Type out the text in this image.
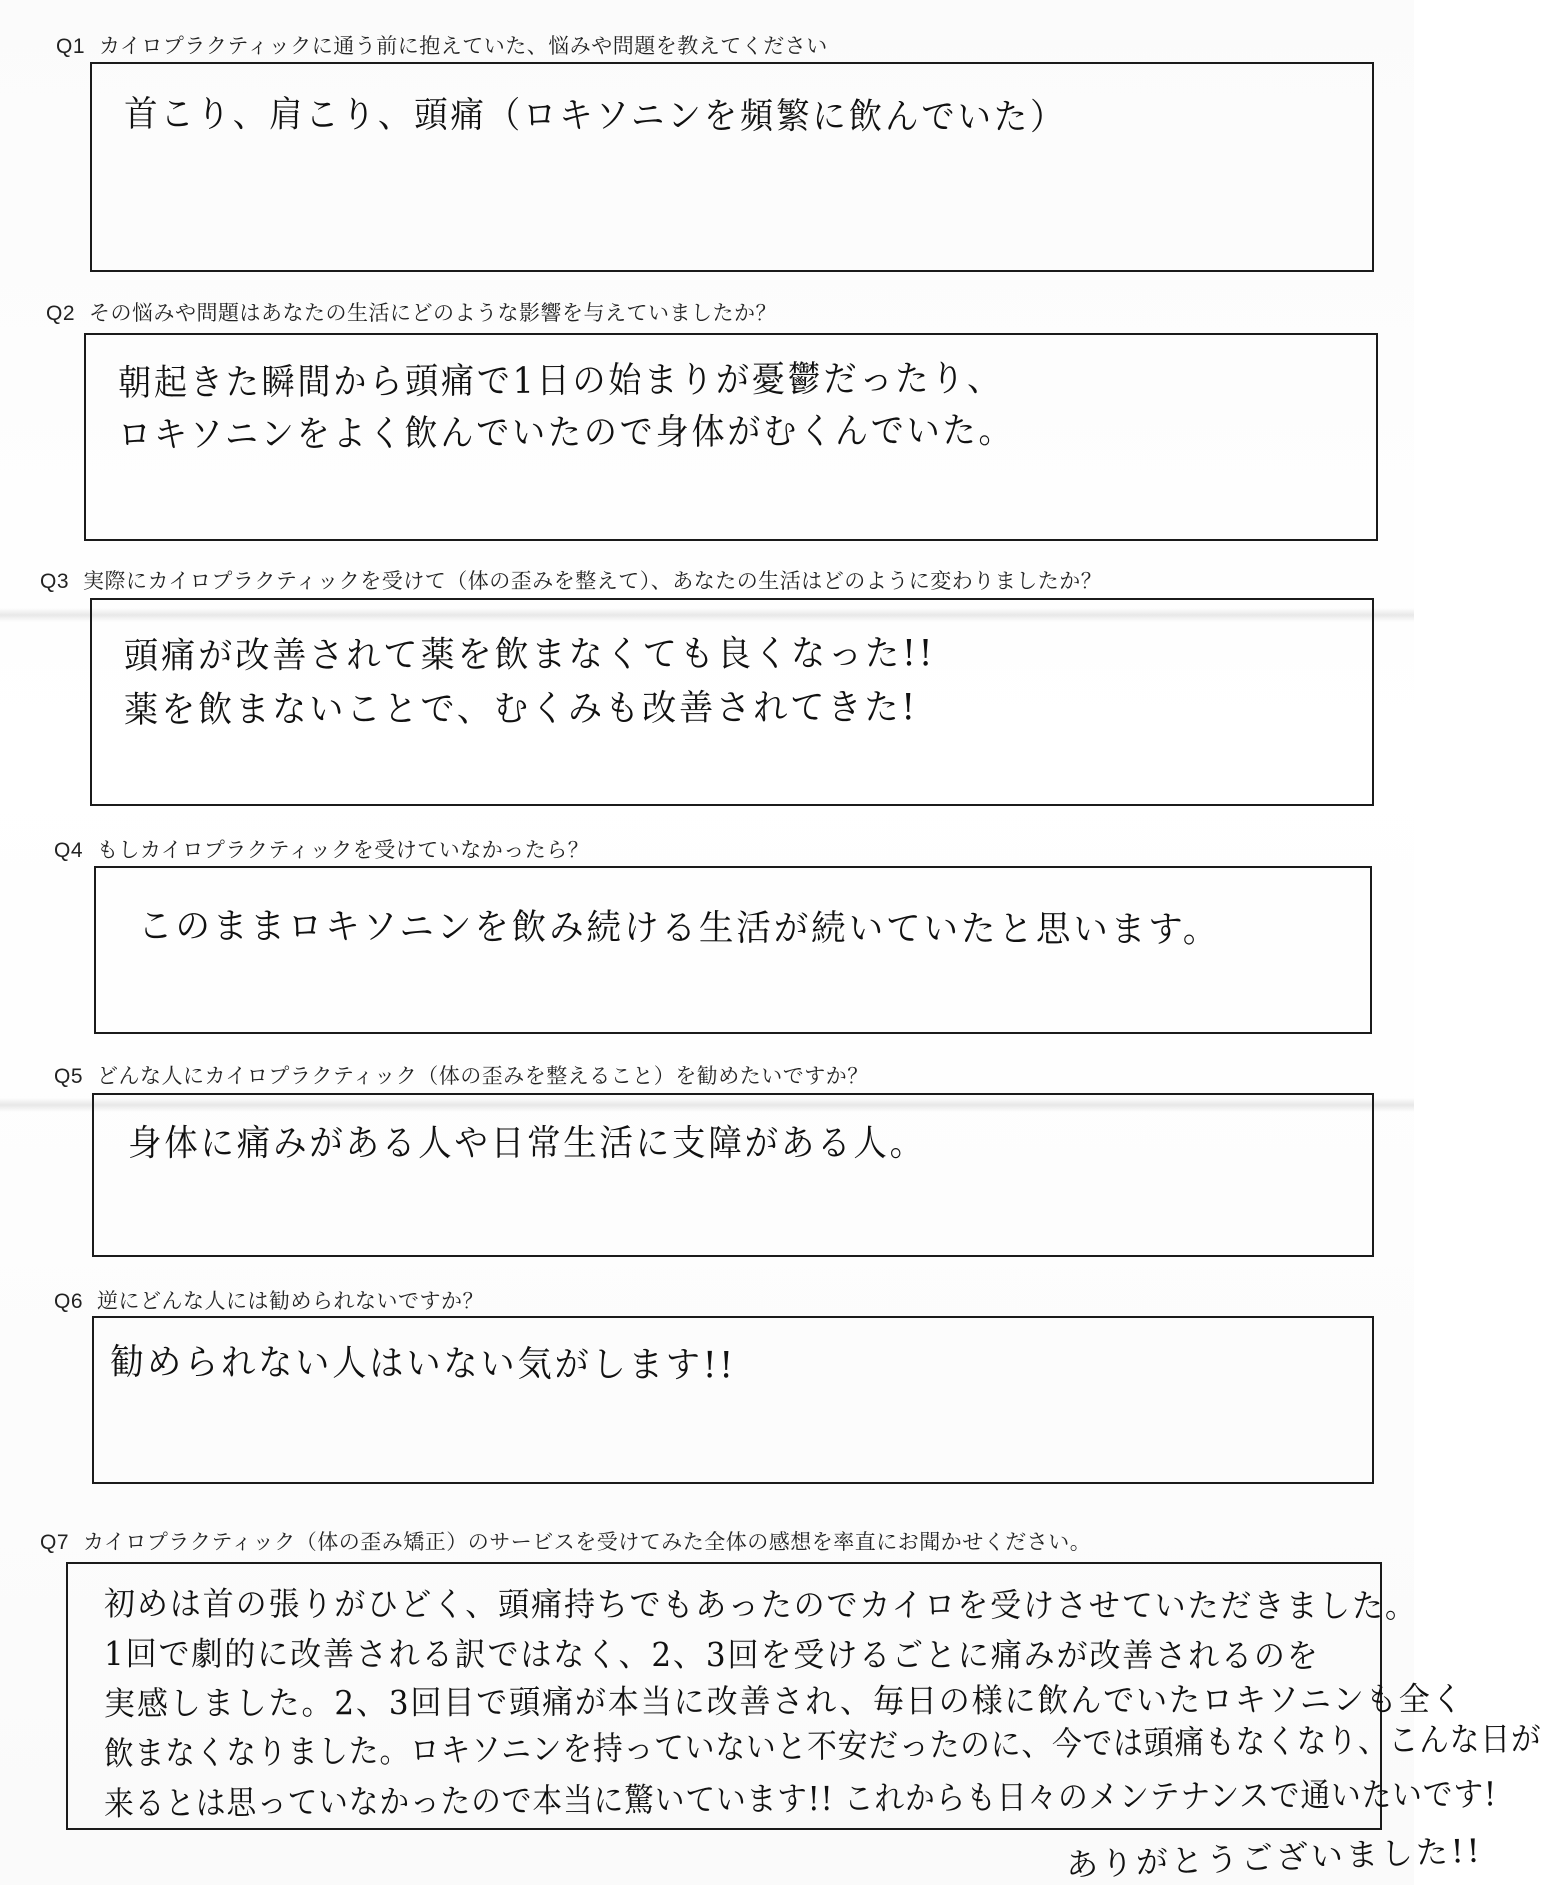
Q1 カイロプラクティックに通う前に抱えていた、悩みや問題を教えてください
首こり、肩こり、頭痛（ロキソニンを頻繁に飲んでいた）
Q2 その悩みや問題はあなたの生活にどのような影響を与えていましたか？
朝起きた瞬間から頭痛で1日の始まりが憂鬱だったり、
ロキソニンをよく飲んでいたので身体がむくんでいた。
Q3 実際にカイロプラクティックを受けて（体の歪みを整えて）、あなたの生活はどのように変わりましたか？
頭痛が改善されて薬を飲まなくても良くなった!!
薬を飲まないことで、むくみも改善されてきた!
Q4 もしカイロプラクティックを受けていなかったら？
このままロキソニンを飲み続ける生活が続いていたと思います。
Q5 どんな人にカイロプラクティック（体の歪みを整えること）を勧めたいですか？
身体に痛みがある人や日常生活に支障がある人。
Q6 逆にどんな人には勧められないですか？
勧められない人はいない気がします!!
Q7 カイロプラクティック（体の歪み矯正）のサービスを受けてみた全体の感想を率直にお聞かせください。
初めは首の張りがひどく、頭痛持ちでもあったのでカイロを受けさせていただきました。
1回で劇的に改善される訳ではなく、2、3回を受けるごとに痛みが改善されるのを
実感しました。2、3回目で頭痛が本当に改善され、毎日の様に飲んでいたロキソニンも全く
飲まなくなりました。ロキソニンを持っていないと不安だったのに、今では頭痛もなくなり、こんな日が
来るとは思っていなかったので本当に驚いています!! これからも日々のメンテナンスで通いたいです!
ありがとうございました!!
